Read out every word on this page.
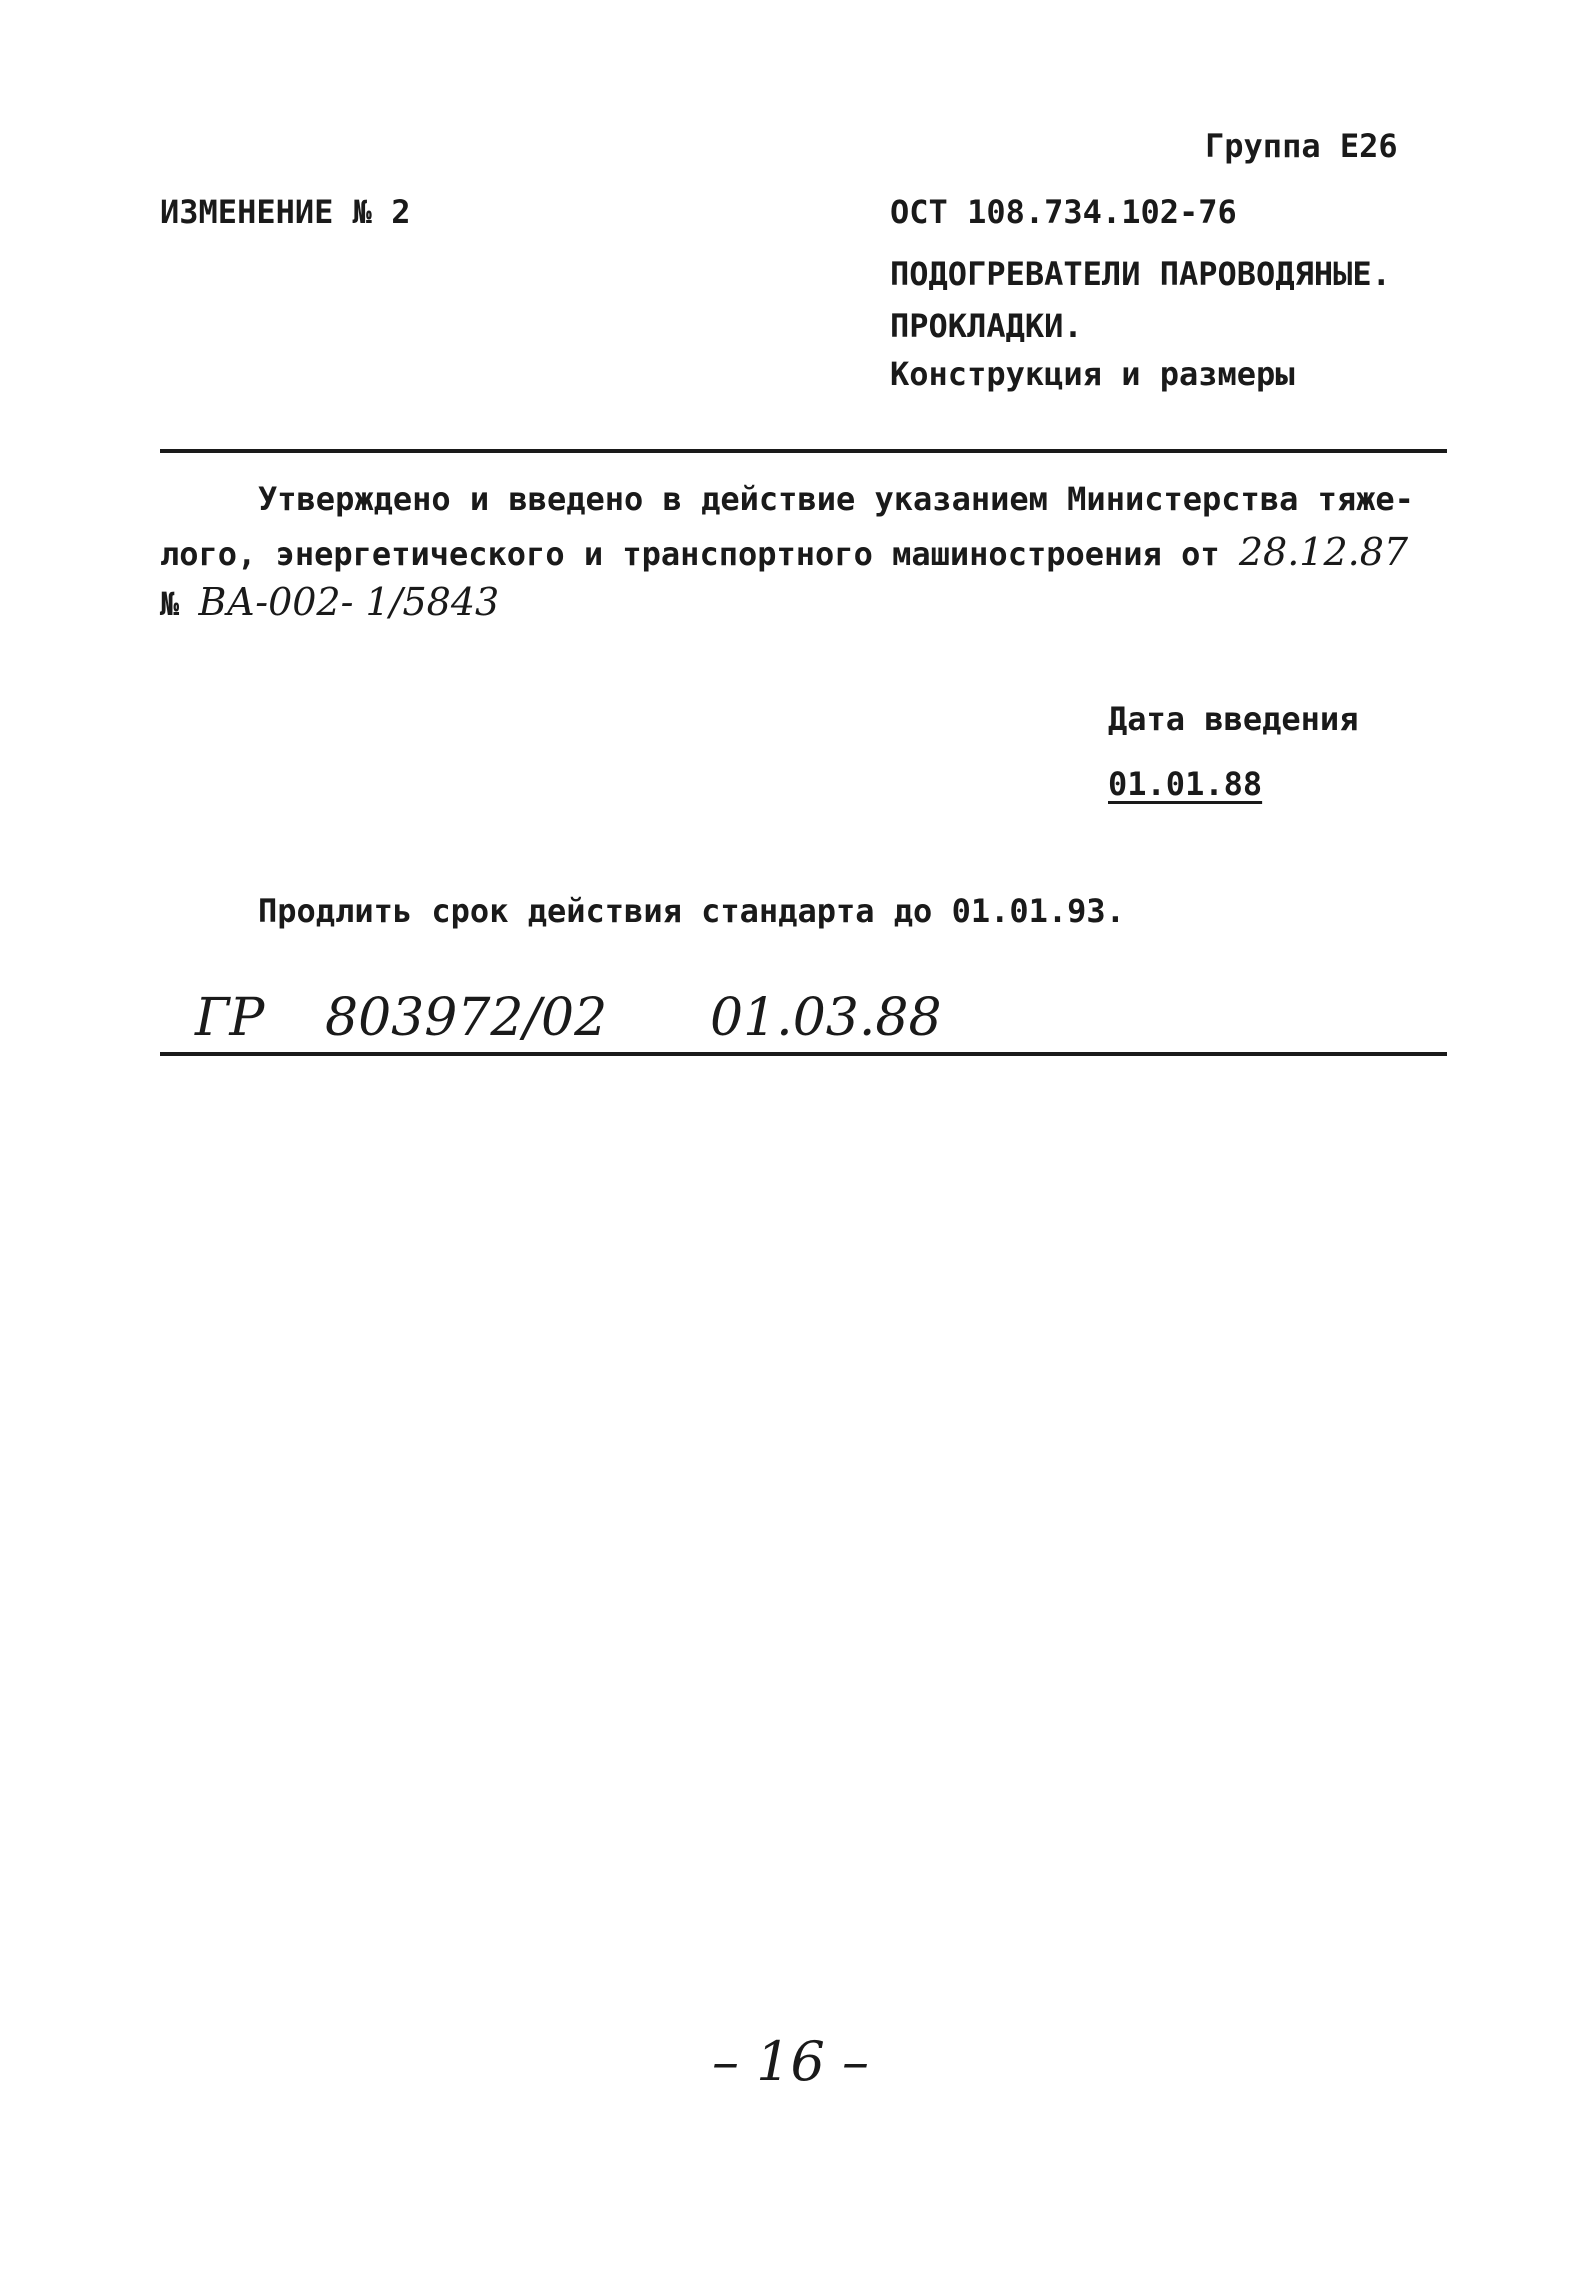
Группа Е26
ИЗМЕНЕНИЕ № 2	ОСТ 108.734.102-76
ПОДОГРЕВАТЕЛИ ПАРОВОДЯНЫЕ.
ПРОКЛАДКИ.
Конструкция и размеры
Утверждено и введено в действие указанием Министерства тяже-
лого, энергетического и транспортного машиностроения от 28.12.87
№ ВА-002- 1/5843
Дата введения
01.01.88
Продлить срок действия стандарта до 01.01.93.
ГР 803972/02 01.03.88
– 16 –
